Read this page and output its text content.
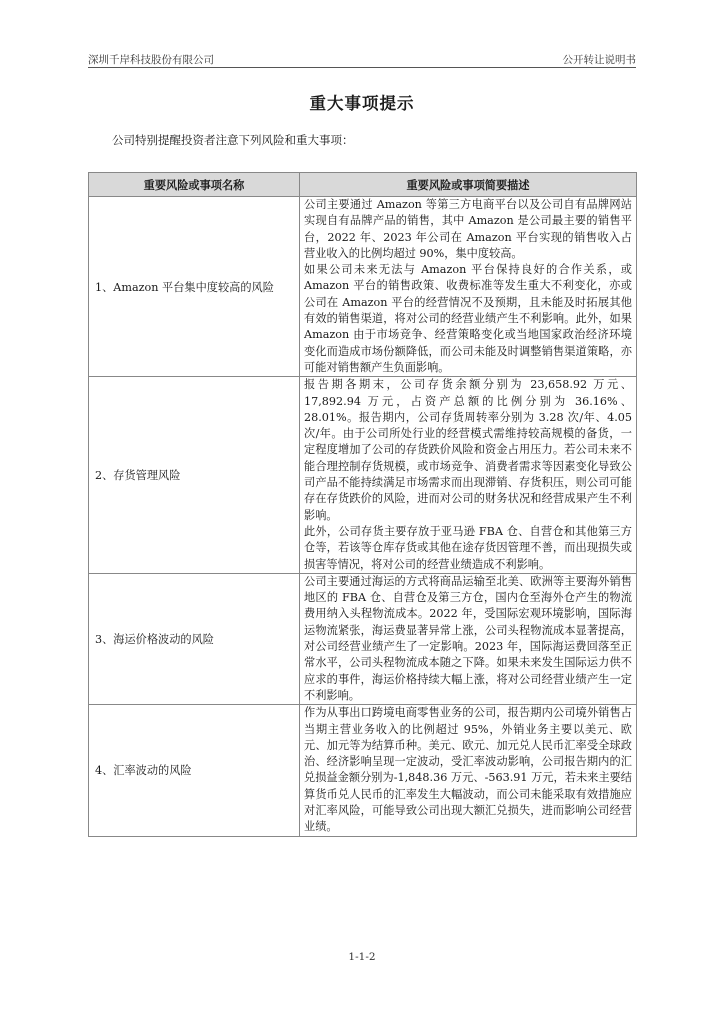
深圳千岸科技股份有限公司	公开转让说明书
重大事项提示
公司特别提醒投资者注意下列风险和重大事项：
重要风险或事项名称	重要风险或事项简要描述
1、Amazon 平台集中度较高的风险	公司主要通过 Amazon 等第三方电商平台以及公司自有品牌网站实现自有品牌产品的销售，其中 Amazon 是公司最主要的销售平台，2022 年、2023 年公司在 Amazon 平台实现的销售收入占营业收入的比例均超过 90%，集中度较高。

如果公司未来无法与 Amazon 平台保持良好的合作关系，或 Amazon 平台的销售政策、收费标准等发生重大不利变化，亦或公司在 Amazon 平台的经营情况不及预期，且未能及时拓展其他有效的销售渠道，将对公司的经营业绩产生不利影响。此外，如果 Amazon 由于市场竞争、经营策略变化或当地国家政治经济环境变化而造成市场份额降低，而公司未能及时调整销售渠道策略，亦可能对销售额产生负面影响。

2、存货管理风险	报告期各期末，公司存货余额分别为 23,658.92 万元、17,892.94 万元，占资产总额的比例分别为 36.16%、28.01%。报告期内，公司存货周转率分别为 3.28 次/年、4.05 次/年。由于公司所处行业的经营模式需维持较高规模的备货，一定程度增加了公司的存货跌价风险和资金占用压力。若公司未来不能合理控制存货规模，或市场竞争、消费者需求等因素变化导致公司产品不能持续满足市场需求而出现滞销、存货积压，则公司可能存在存货跌价的风险，进而对公司的财务状况和经营成果产生不利影响。

此外，公司存货主要存放于亚马逊 FBA 仓、自营仓和其他第三方仓等，若该等仓库存货或其他在途存货因管理不善，而出现损失或损害等情况，将对公司的经营业绩造成不利影响。

3、海运价格波动的风险	公司主要通过海运的方式将商品运输至北美、欧洲等主要海外销售地区的 FBA 仓、自营仓及第三方仓，国内仓至海外仓产生的物流费用纳入头程物流成本。2022 年，受国际宏观环境影响，国际海运物流紧张，海运费显著异常上涨，公司头程物流成本显著提高，对公司经营业绩产生了一定影响。2023 年，国际海运费回落至正常水平，公司头程物流成本随之下降。如果未来发生国际运力供不应求的事件，海运价格持续大幅上涨，将对公司经营业绩产生一定不利影响。

4、汇率波动的风险	作为从事出口跨境电商零售业务的公司，报告期内公司境外销售占当期主营业务收入的比例超过 95%，外销业务主要以美元、欧元、加元等为结算币种。美元、欧元、加元兑人民币汇率受全球政治、经济影响呈现一定波动，受汇率波动影响，公司报告期内的汇兑损益金额分别为-1,848.36 万元、-563.91 万元，若未来主要结算货币兑人民币的汇率发生大幅波动，而公司未能采取有效措施应对汇率风险，可能导致公司出现大额汇兑损失，进而影响公司经营业绩。

1-1-2
